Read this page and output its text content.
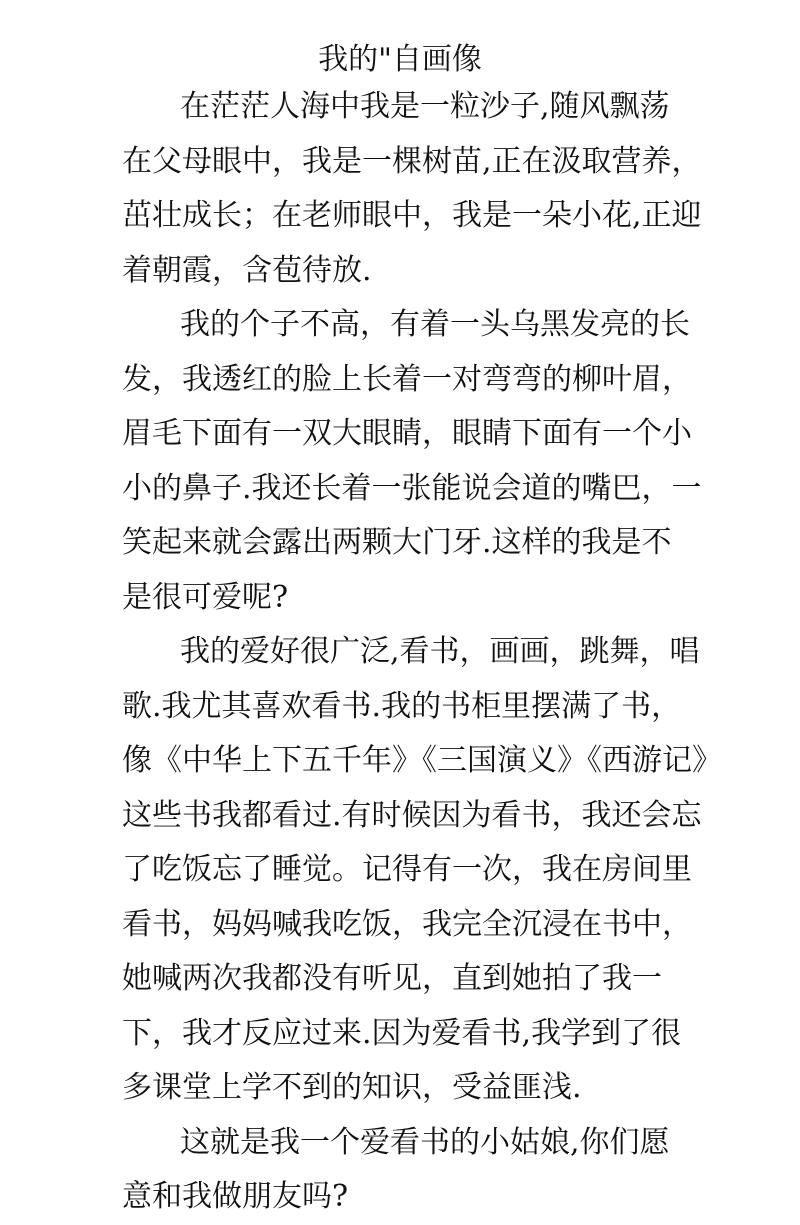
我的"自画像
在茫茫人海中我是一粒沙子,随风飘荡
在父母眼中，我是一棵树苗,正在汲取营养，
茁壮成长；在老师眼中，我是一朵小花,正迎
着朝霞，含苞待放.
我的个子不高，有着一头乌黑发亮的长
发，我透红的脸上长着一对弯弯的柳叶眉，
眉毛下面有一双大眼睛，眼睛下面有一个小
小的鼻子.我还长着一张能说会道的嘴巴，一
笑起来就会露出两颗大门牙.这样的我是不
是很可爱呢?
我的爱好很广泛,看书，画画，跳舞，唱
歌.我尤其喜欢看书.我的书柜里摆满了书，
像《中华上下五千年》《三国演义》《西游记》
这些书我都看过.有时候因为看书，我还会忘
了吃饭忘了睡觉。记得有一次，我在房间里
看书，妈妈喊我吃饭，我完全沉浸在书中，
她喊两次我都没有听见，直到她拍了我一
下，我才反应过来.因为爱看书,我学到了很
多课堂上学不到的知识，受益匪浅.
这就是我一个爱看书的小姑娘,你们愿
意和我做朋友吗?
